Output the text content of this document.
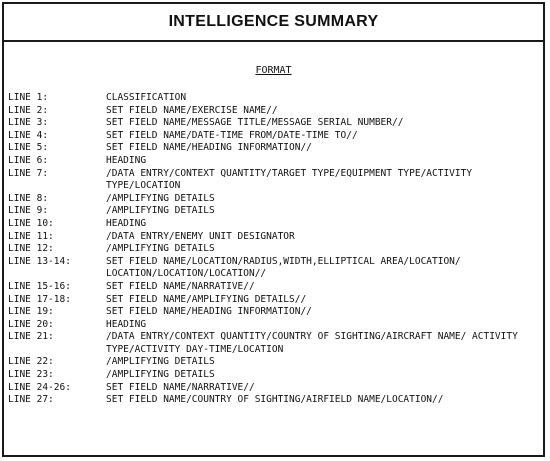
INTELLIGENCE SUMMARY
FORMAT
LINE 1:	CLASSIFICATION
LINE 2:	SET FIELD NAME/EXERCISE NAME//
LINE 3:	SET FIELD NAME/MESSAGE TITLE/MESSAGE SERIAL NUMBER//
LINE 4:	SET FIELD NAME/DATE-TIME FROM/DATE-TIME TO//
LINE 5:	SET FIELD NAME/HEADING INFORMATION//
LINE 6:	HEADING
LINE 7:	/DATA ENTRY/CONTEXT QUANTITY/TARGET TYPE/EQUIPMENT TYPE/ACTIVITY TYPE/LOCATION
LINE 8:	/AMPLIFYING DETAILS
LINE 9:	/AMPLIFYING DETAILS
LINE 10:	HEADING
LINE 11:	/DATA ENTRY/ENEMY UNIT DESIGNATOR
LINE 12:	/AMPLIFYING DETAILS
LINE 13-14:	SET FIELD NAME/LOCATION/RADIUS,WIDTH,ELLIPTICAL AREA/LOCATION/ LOCATION/LOCATION/LOCATION//
LINE 15-16:	SET FIELD NAME/NARRATIVE//
LINE 17-18:	SET FIELD NAME/AMPLIFYING DETAILS//
LINE 19:	SET FIELD NAME/HEADING INFORMATION//
LINE 20:	HEADING
LINE 21:	/DATA ENTRY/CONTEXT QUANTITY/COUNTRY OF SIGHTING/AIRCRAFT NAME/ ACTIVITY TYPE/ACTIVITY DAY-TIME/LOCATION
LINE 22:	/AMPLIFYING DETAILS
LINE 23:	/AMPLIFYING DETAILS
LINE 24-26:	SET FIELD NAME/NARRATIVE//
LINE 27:	SET FIELD NAME/COUNTRY OF SIGHTING/AIRFIELD NAME/LOCATION//
